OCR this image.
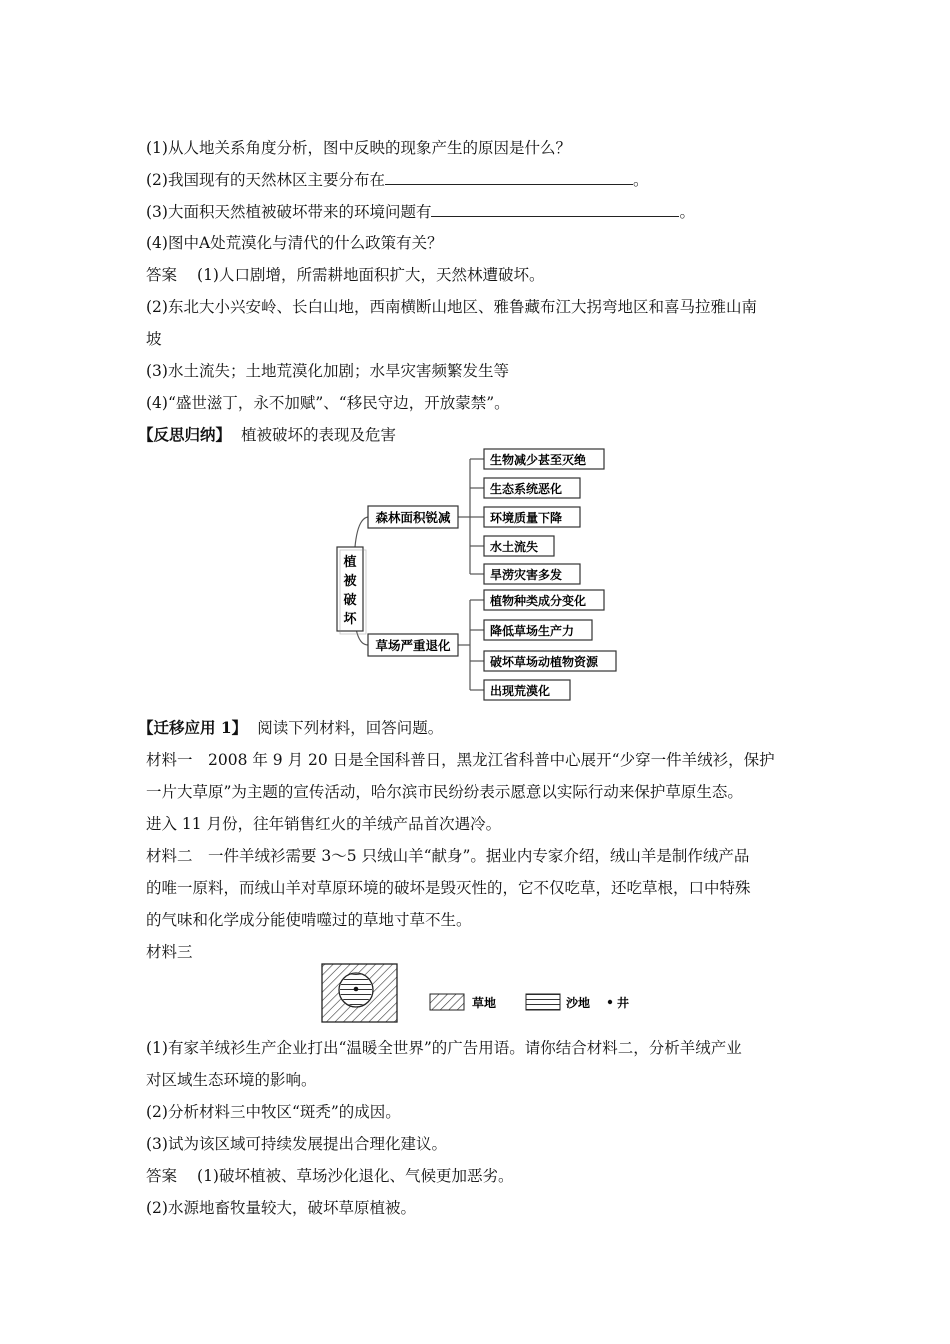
(1)从人地关系角度分析，图中反映的现象产生的原因是什么？
(2)我国现有的天然林区主要分布在	。
(3)大面积天然植被破坏带来的环境问题有	。
(4)图中A处荒漠化与清代的什么政策有关？
答案 (1)人口剧增，所需耕地面积扩大，天然林遭破坏。
(2)东北大小兴安岭、长白山地，西南横断山地区、雅鲁藏布江大拐弯地区和喜马拉雅山南
坡
(3)水土流失；土地荒漠化加剧；水旱灾害频繁发生等
(4)“盛世滋丁，永不加赋”、“移民守边，开放蒙禁”。
【反思归纳】 植被破坏的表现及危害
植
被
破
坏
森林面积锐减
草场严重退化
生物减少甚至灭绝
生态系统恶化
环境质量下降
水土流失
旱涝灾害多发
植物种类成分变化
降低草场生产力
破坏草场动植物资源
出现荒漠化
【迁移应用 1】 阅读下列材料，回答问题。
材料一　2008 年 9 月 20 日是全国科普日，黑龙江省科普中心展开“少穿一件羊绒衫，保护
一片大草原”为主题的宣传活动，哈尔滨市民纷纷表示愿意以实际行动来保护草原生态。
进入 11 月份，往年销售红火的羊绒产品首次遇冷。
材料二　一件羊绒衫需要 3～5 只绒山羊“献身”。据业内专家介绍，绒山羊是制作绒产品
的唯一原料，而绒山羊对草原环境的破坏是毁灭性的，它不仅吃草，还吃草根，口中特殊
的气味和化学成分能使啃噬过的草地寸草不生。
材料三
草地	沙地 井
(1)有家羊绒衫生产企业打出“温暖全世界”的广告用语。请你结合材料二，分析羊绒产业
对区域生态环境的影响。
(2)分析材料三中牧区“斑秃”的成因。
(3)试为该区域可持续发展提出合理化建议。
答案 (1)破坏植被、草场沙化退化、气候更加恶劣。
(2)水源地畜牧量较大，破坏草原植被。
